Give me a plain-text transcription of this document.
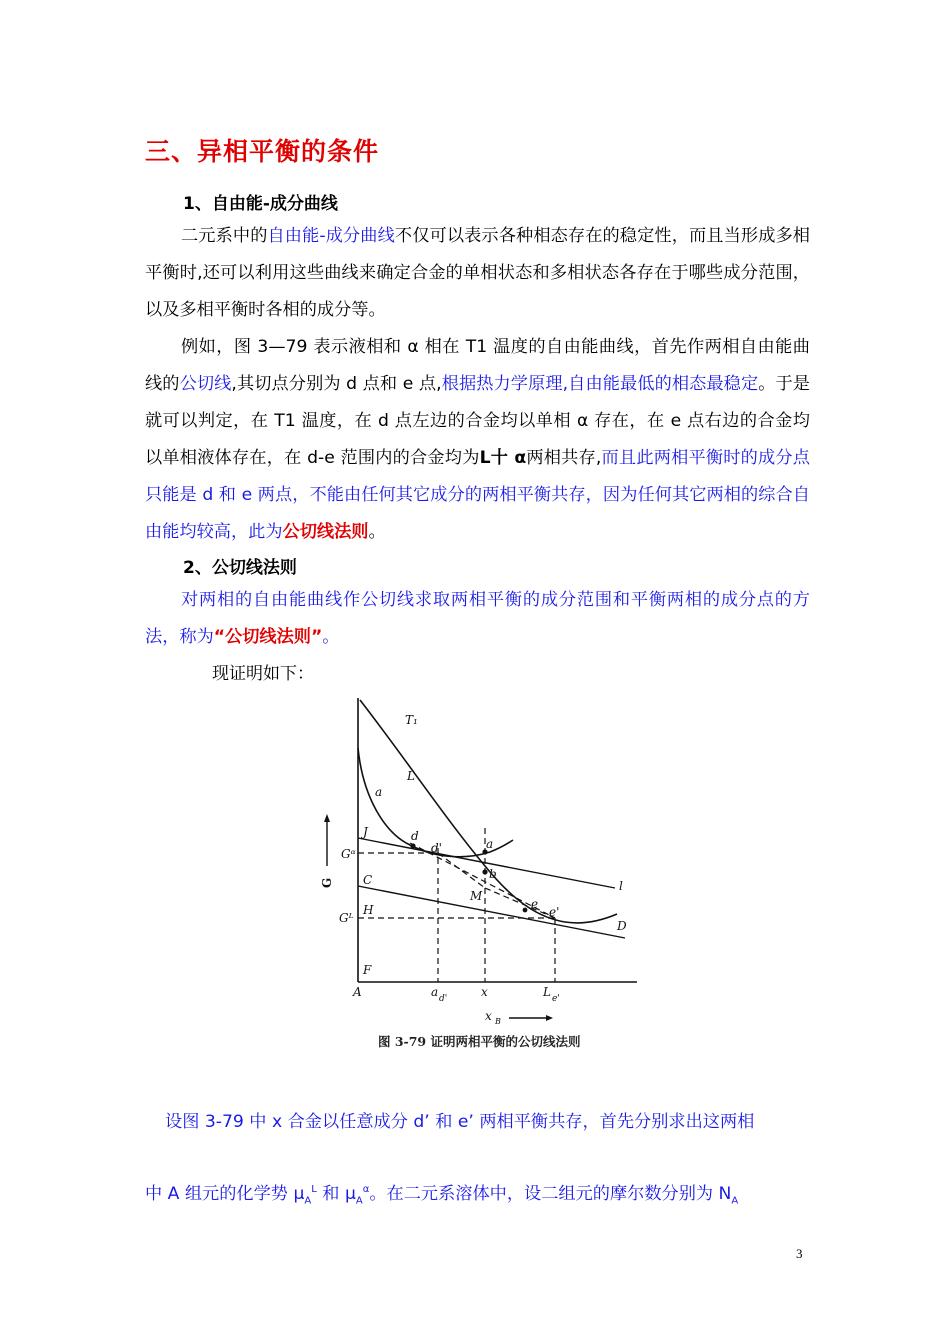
三、异相平衡的条件
1、自由能-成分曲线
二元系中的自由能-成分曲线不仅可以表示各种相态存在的稳定性，而且当形成多相平衡时,还可以利用这些曲线来确定合金的单相状态和多相状态各存在于哪些成分范围，以及多相平衡时各相的成分等。
例如，图 3—79 表示液相和 α 相在 T1 温度的自由能曲线，首先作两相自由能曲线的公切线,其切点分别为 d 点和 e 点,根据热力学原理,自由能最低的相态最稳定。于是就可以判定，在 T1 温度，在 d 点左边的合金均以单相 α 存在，在 e 点右边的合金均以单相液体存在，在 d-e 范围内的合金均为L十 α两相共存,而且此两相平衡时的成分点只能是 d 和 e 两点，不能由任何其它成分的两相平衡共存，因为任何其它两相的综合自由能均较高，此为公切线法则。
2、公切线法则
对两相的自由能曲线作公切线求取两相平衡的成分范围和平衡两相的成分点的方法，称为“公切线法则”。
现证明如下：
T₁
L
a
d
d'	a
b
M
e
e'
l
D
J
Gᵅ
C
Gᴸ
H
F
A	x
a d'	L e'
x B
G
图 3-79 证明两相平衡的公切线法则
设图 3-79 中 x 合金以任意成分 d’ 和 e’ 两相平衡共存，首先分别求出这两相
中 A 组元的化学势 $\mu_A^L$ 和 $\mu_A^\alpha$。在二元系溶体中，设二组元的摩尔数分别为 $N_A$
3
